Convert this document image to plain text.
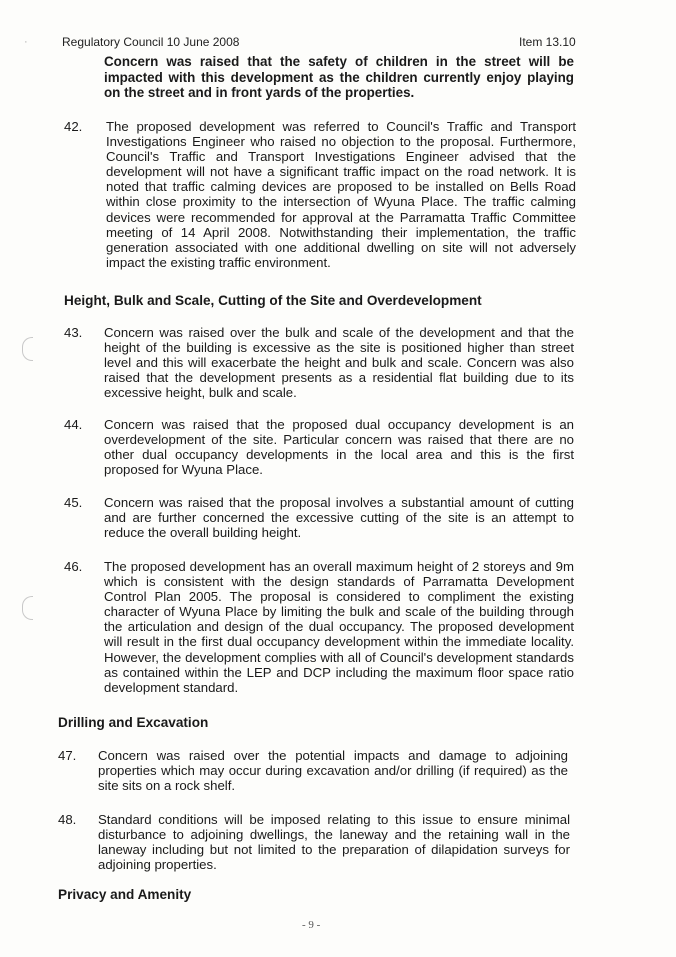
Regulatory Council 10 June 2008	Item 13.10
·
Concern was raised that the safety of children in the street will be impacted with this development as the children currently enjoy playing on the street and in front yards of the properties.
42. The proposed development was referred to Council's Traffic and Transport Investigations Engineer who raised no objection to the proposal. Furthermore, Council's Traffic and Transport Investigations Engineer advised that the development will not have a significant traffic impact on the road network. It is noted that traffic calming devices are proposed to be installed on Bells Road within close proximity to the intersection of Wyuna Place. The traffic calming devices were recommended for approval at the Parramatta Traffic Committee meeting of 14 April 2008. Notwithstanding their implementation, the traffic generation associated with one additional dwelling on site will not adversely impact the existing traffic environment.
Height, Bulk and Scale, Cutting of the Site and Overdevelopment
43. Concern was raised over the bulk and scale of the development and that the height of the building is excessive as the site is positioned higher than street level and this will exacerbate the height and bulk and scale. Concern was also raised that the development presents as a residential flat building due to its excessive height, bulk and scale.
44. Concern was raised that the proposed dual occupancy development is an overdevelopment of the site. Particular concern was raised that there are no other dual occupancy developments in the local area and this is the first proposed for Wyuna Place.
45. Concern was raised that the proposal involves a substantial amount of cutting and are further concerned the excessive cutting of the site is an attempt to reduce the overall building height.
46. The proposed development has an overall maximum height of 2 storeys and 9m which is consistent with the design standards of Parramatta Development Control Plan 2005. The proposal is considered to compliment the existing character of Wyuna Place by limiting the bulk and scale of the building through the articulation and design of the dual occupancy. The proposed development will result in the first dual occupancy development within the immediate locality. However, the development complies with all of Council's development standards as contained within the LEP and DCP including the maximum floor space ratio development standard.
Drilling and Excavation
47. Concern was raised over the potential impacts and damage to adjoining properties which may occur during excavation and/or drilling (if required) as the site sits on a rock shelf.
48. Standard conditions will be imposed relating to this issue to ensure minimal disturbance to adjoining dwellings, the laneway and the retaining wall in the laneway including but not limited to the preparation of dilapidation surveys for adjoining properties.
Privacy and Amenity
- 9 -
